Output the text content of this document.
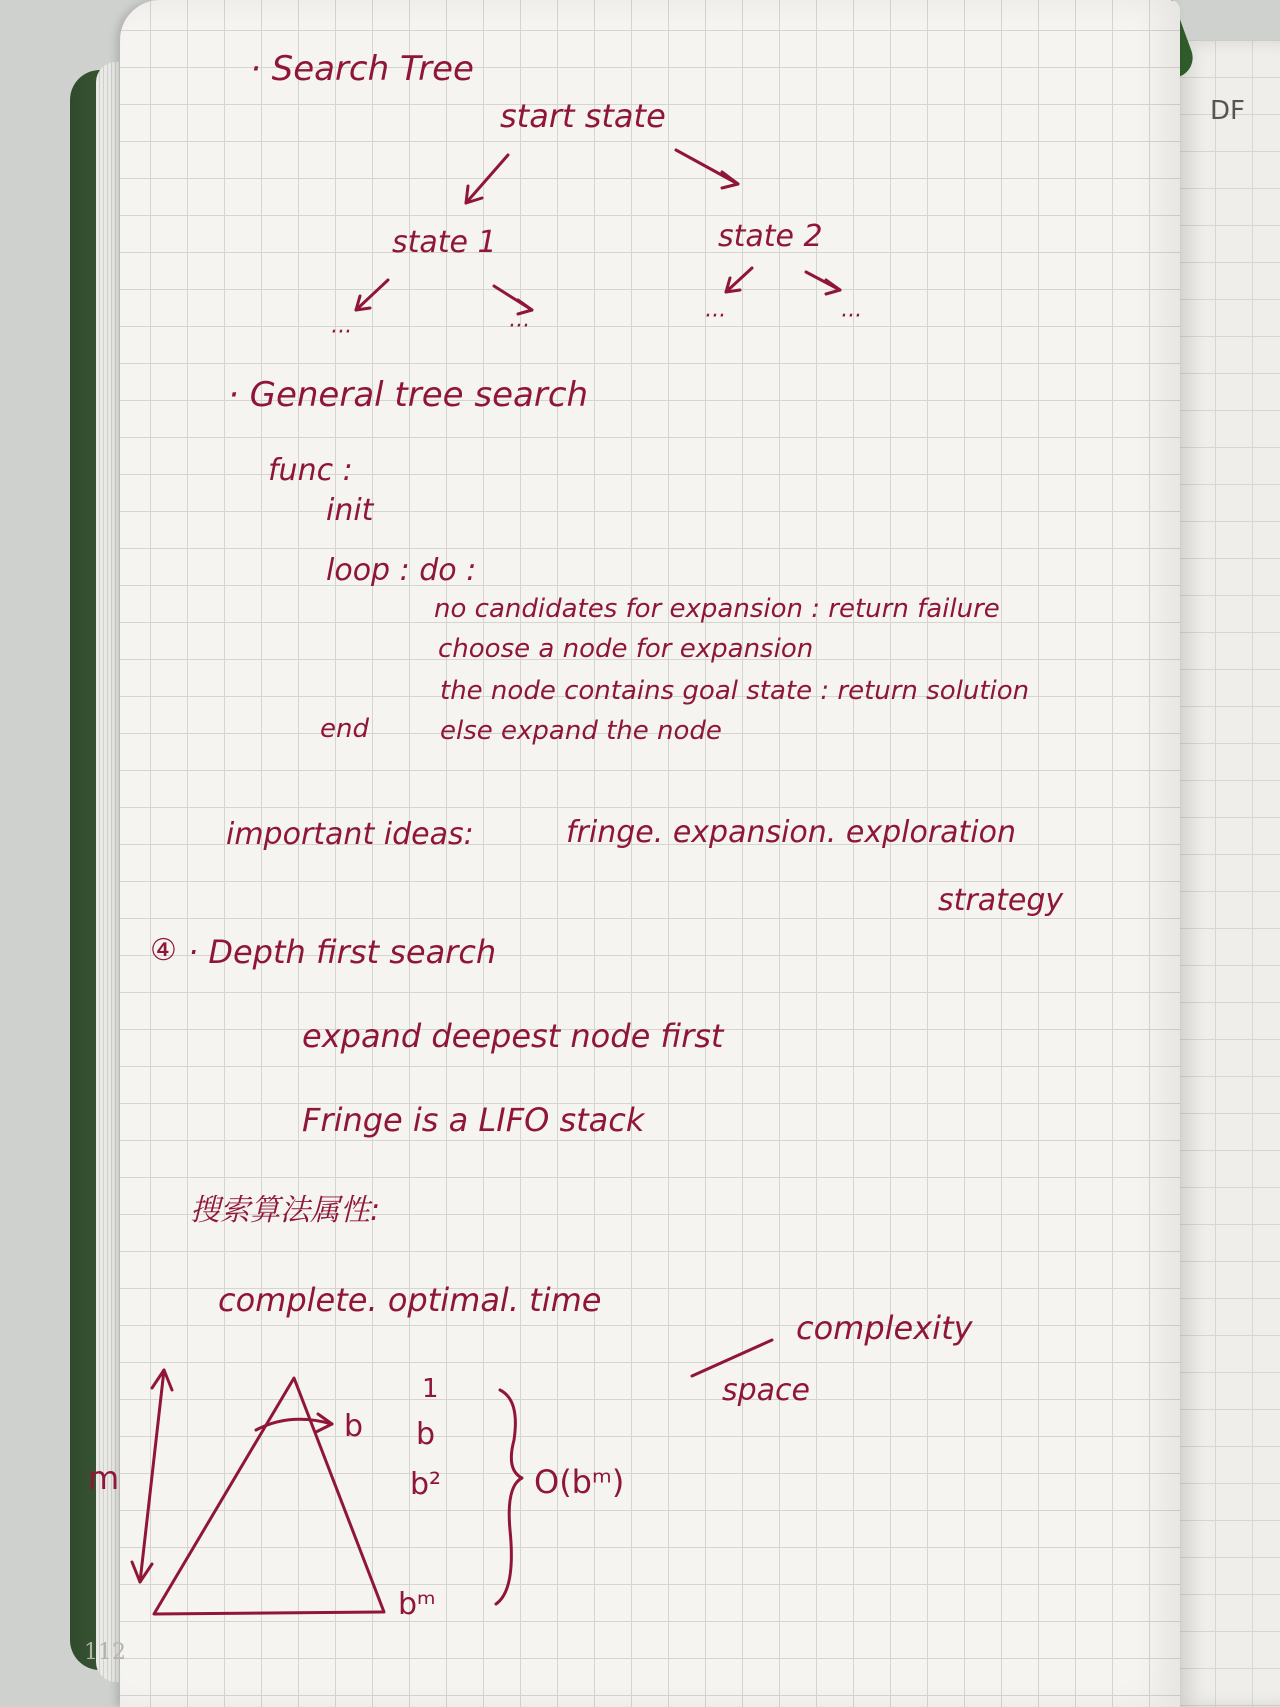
DF
· Search Tree
start state
state 1	state 2
···	···	···	···
· General tree search
func :
init
loop : do :
no candidates for expansion : return failure
choose a node for expansion
the node contains goal state : return solution
else expand the node
end
important ideas:	fringe. expansion. exploration
strategy
④ · Depth first search
expand deepest node first
Fringe is a LIFO stack
搜索算法属性:
complete. optimal. time
complexity
space
m
b
1
b
b²
bᵐ
O(bᵐ)
112
